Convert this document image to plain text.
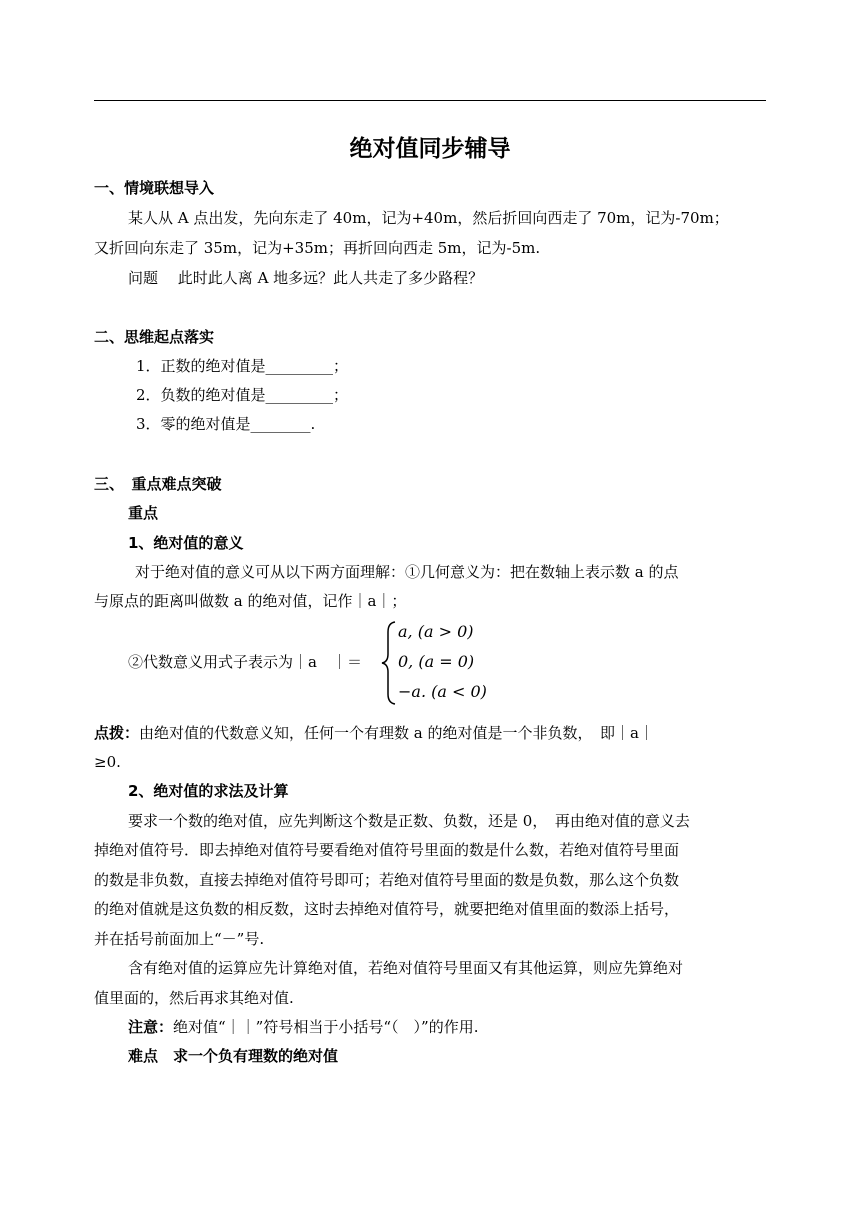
绝对值同步辅导
一、情境联想导入
某人从 A 点出发，先向东走了 40m，记为+40m，然后折回向西走了 70m，记为-70m；
又折回向东走了 35m，记为+35m；再折回向西走 5m，记为-5m.
问题　 此时此人离 A 地多远？此人共走了多少路程？
二、思维起点落实
1．正数的绝对值是_________；
2．负数的绝对值是_________；
3．零的绝对值是________.
三、　重点难点突破
重点
1、绝对值的意义
对于绝对值的意义可从以下两方面理解：①几何意义为：把在数轴上表示数 a 的点
与原点的距离叫做数 a 的绝对值，记作｜a｜；
②代数意义用式子表示为｜a　｜＝
a, (a > 0)
0, (a = 0)
−a. (a < 0)
点拨：由绝对值的代数意义知，任何一个有理数 a 的绝对值是一个非负数，　即｜a｜
≥0.
2、绝对值的求法及计算
要求一个数的绝对值，应先判断这个数是正数、负数，还是 0，　再由绝对值的意义去
掉绝对值符号．即去掉绝对值符号要看绝对值符号里面的数是什么数，若绝对值符号里面
的数是非负数，直接去掉绝对值符号即可；若绝对值符号里面的数是负数，那么这个负数
的绝对值就是这负数的相反数，这时去掉绝对值符号，就要把绝对值里面的数添上括号，
并在括号前面加上“－”号.
含有绝对值的运算应先计算绝对值，若绝对值符号里面又有其他运算，则应先算绝对
值里面的，然后再求其绝对值.
注意：绝对值“｜｜”符号相当于小括号“（　）”的作用.
难点　 求一个负有理数的绝对值
